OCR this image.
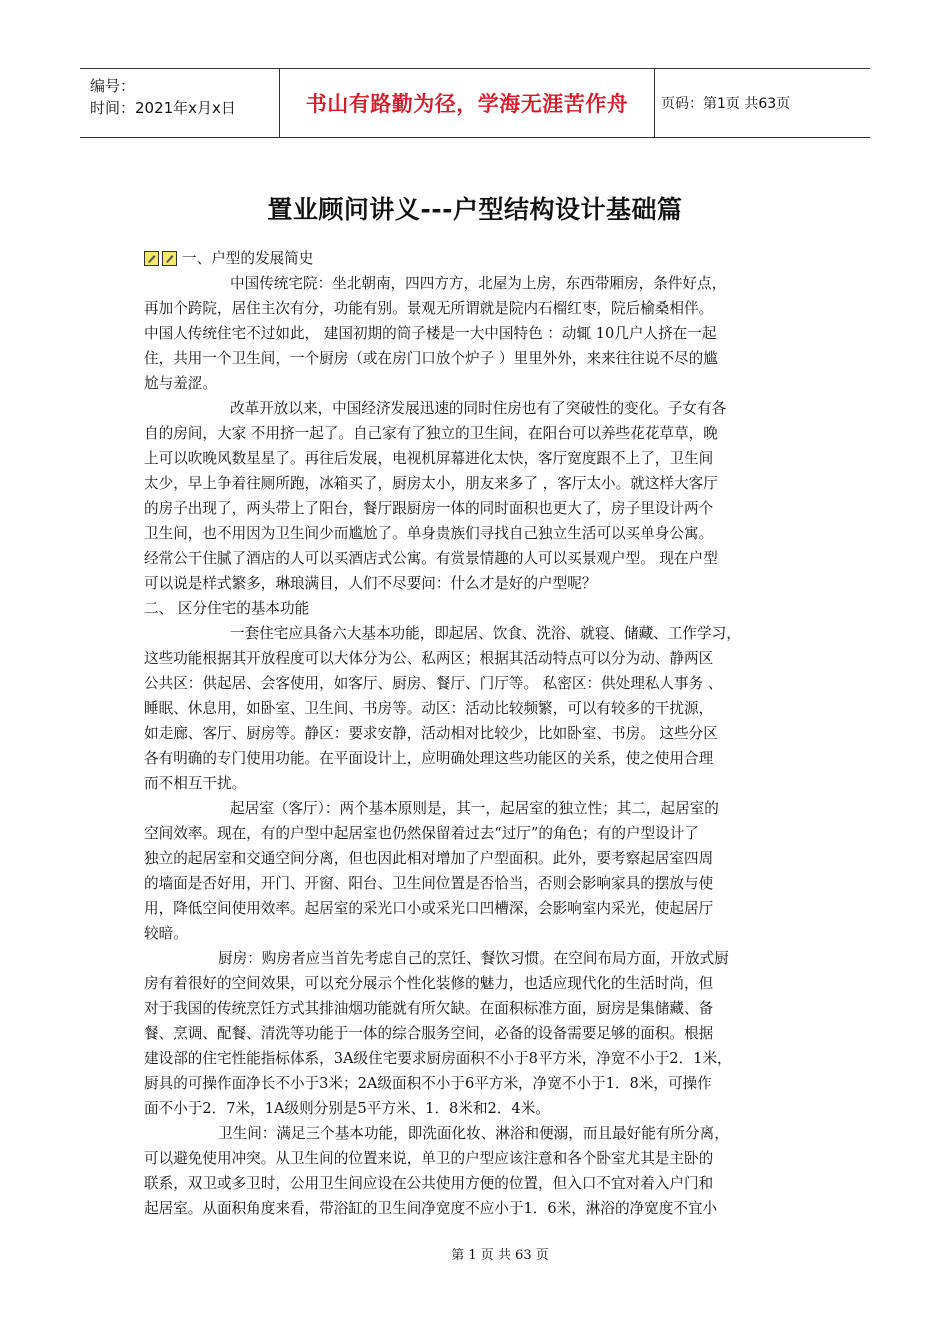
编号：
时间：2021年x月x日	书山有路勤为径，学海无涯苦作舟	页码：第1页 共63页
置业顾问讲义---户型结构设计基础篇
一、户型的发展简史
中国传统宅院：坐北朝南，四四方方，北屋为上房，东西带厢房，条件好点，
再加个跨院，居住主次有分，功能有别。景观无所谓就是院内石榴红枣，院后榆桑相伴。
中国人传统住宅不过如此， 建国初期的筒子楼是一大中国特色 ：动辄 10几户人挤在一起
住，共用一个卫生间，一个厨房（或在房门口放个炉子 ）里里外外，来来往往说不尽的尴
尬与羞涩。
改革开放以来，中国经济发展迅速的同时住房也有了突破性的变化。子女有各
自的房间，大家 不用挤一起了。自己家有了独立的卫生间，在阳台可以养些花花草草，晚
上可以吹晚风数星星了。再往后发展，电视机屏幕进化太快，客厅宽度跟不上了，卫生间
太少，早上争着往厕所跑，冰箱买了，厨房太小，朋友来多了 ，客厅太小。就这样大客厅
的房子出现了，两头带上了阳台，餐厅跟厨房一体的同时面积也更大了，房子里设计两个
卫生间，也不用因为卫生间少而尴尬了。单身贵族们寻找自己独立生活可以买单身公寓。
经常公干住腻了酒店的人可以买酒店式公寓。有赏景情趣的人可以买景观户型。 现在户型
可以说是样式繁多，琳琅满目，人们不尽要问：什么才是好的户型呢？
二、 区分住宅的基本功能
一套住宅应具备六大基本功能，即起居、饮食、洗浴、就寝、储藏、工作学习，
这些功能根据其开放程度可以大体分为公、私两区；根据其活动特点可以分为动、静两区
公共区：供起居、会客使用，如客厅、厨房、餐厅、门厅等。 私密区：供处理私人事务 、
睡眠、休息用，如卧室、卫生间、书房等。动区：活动比较频繁，可以有较多的干扰源，
如走廊、客厅、厨房等。静区：要求安静，活动相对比较少，比如卧室、书房。 这些分区
各有明确的专门使用功能。在平面设计上，应明确处理这些功能区的关系，使之使用合理
而不相互干扰。
起居室（客厅）：两个基本原则是，其一，起居室的独立性；其二，起居室的
空间效率。现在，有的户型中起居室也仍然保留着过去“过厅”的角色；有的户型设计了
独立的起居室和交通空间分离，但也因此相对增加了户型面积。此外，要考察起居室四周
的墙面是否好用，开门、开窗、阳台、卫生间位置是否恰当，否则会影响家具的摆放与使
用，降低空间使用效率。起居室的采光口小或采光口凹槽深，会影响室内采光，使起居厅
较暗。
厨房：购房者应当首先考虑自己的烹饪、餐饮习惯。在空间布局方面，开放式厨
房有着很好的空间效果，可以充分展示个性化装修的魅力，也适应现代化的生活时尚，但
对于我国的传统烹饪方式其排油烟功能就有所欠缺。在面积标准方面，厨房是集储藏、备
餐、烹调、配餐、清洗等功能于一体的综合服务空间，必备的设备需要足够的面积。根据
建设部的住宅性能指标体系，3A级住宅要求厨房面积不小于8平方米，净宽不小于2．1米，
厨具的可操作面净长不小于3米；2A级面积不小于6平方米，净宽不小于1．8米，可操作
面不小于2．7米，1A级则分别是5平方米、1．8米和2．4米。
卫生间：满足三个基本功能，即洗面化妆、淋浴和便溺，而且最好能有所分离，
可以避免使用冲突。从卫生间的位置来说，单卫的户型应该注意和各个卧室尤其是主卧的
联系，双卫或多卫时，公用卫生间应设在公共使用方便的位置，但入口不宜对着入户门和
起居室。从面积角度来看，带浴缸的卫生间净宽度不应小于1．6米，淋浴的净宽度不宜小
第 1 页 共 63 页
